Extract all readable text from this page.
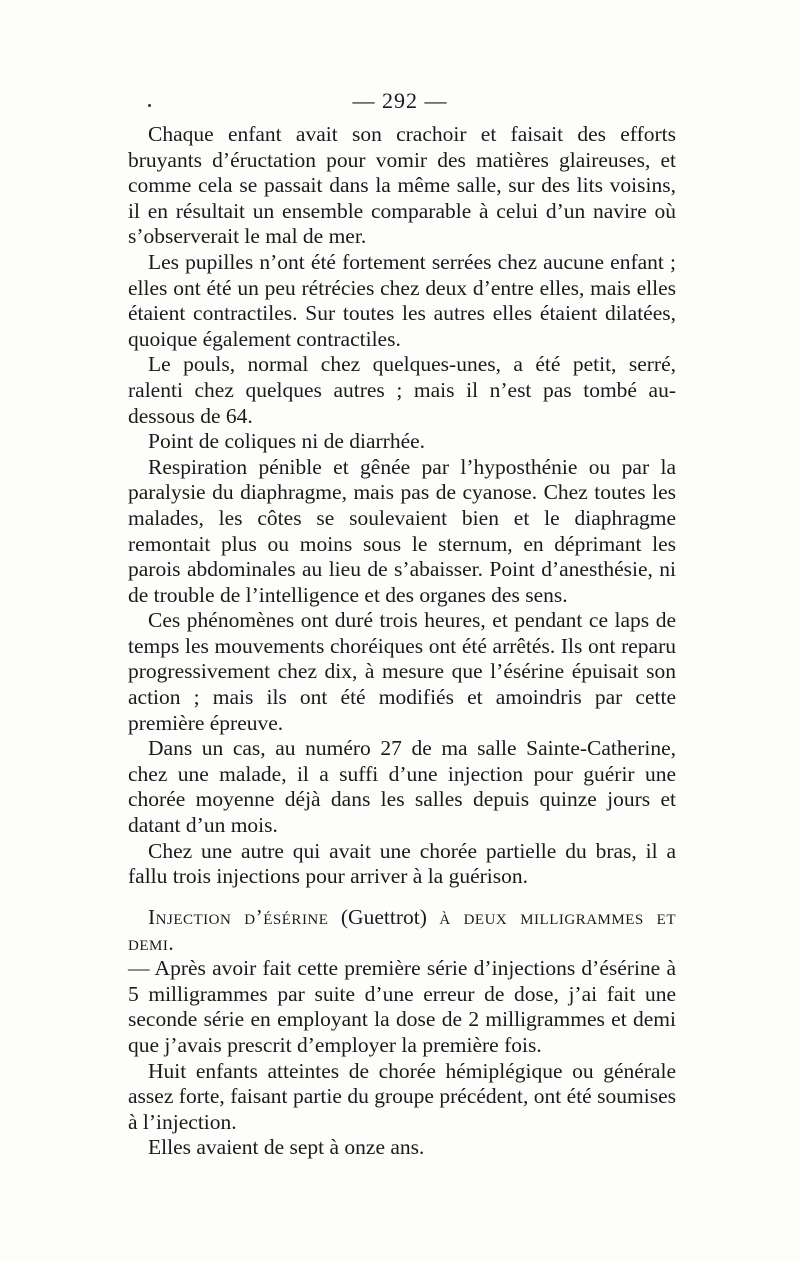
— 292 —

Chaque enfant avait son crachoir et faisait des efforts bruyants d’éructation pour vomir des matières glaireuses, et comme cela se passait dans la même salle, sur des lits voisins, il en résultait un ensemble comparable à celui d’un navire où s’observerait le mal de mer.

Les pupilles n’ont été fortement serrées chez aucune enfant ; elles ont été un peu rétrécies chez deux d’entre elles, mais elles étaient contractiles. Sur toutes les autres elles étaient dilatées, quoique également contractiles.

Le pouls, normal chez quelques-unes, a été petit, serré, ralenti chez quelques autres ; mais il n’est pas tombé au-dessous de 64.

Point de coliques ni de diarrhée.

Respiration pénible et gênée par l’hyposthénie ou par la paralysie du diaphragme, mais pas de cyanose. Chez toutes les malades, les côtes se soulevaient bien et le diaphragme remontait plus ou moins sous le sternum, en déprimant les parois abdominales au lieu de s’abaisser. Point d’anesthésie, ni de trouble de l’intelligence et des organes des sens.

Ces phénomènes ont duré trois heures, et pendant ce laps de temps les mouvements choréiques ont été arrêtés. Ils ont reparu progressivement chez dix, à mesure que l’ésérine épuisait son action ; mais ils ont été modifiés et amoindris par cette première épreuve.

Dans un cas, au numéro 27 de ma salle Sainte-Catherine, chez une malade, il a suffi d’une injection pour guérir une chorée moyenne déjà dans les salles depuis quinze jours et datant d’un mois.

Chez une autre qui avait une chorée partielle du bras, il a fallu trois injections pour arriver à la guérison.

Injection d’ésérine (Guettrot) à deux milligrammes et demi.

— Après avoir fait cette première série d’injections d’ésérine à 5 milligrammes par suite d’une erreur de dose, j’ai fait une seconde série en employant la dose de 2 milligrammes et demi que j’avais prescrit d’employer la première fois.

Huit enfants atteintes de chorée hémiplégique ou générale assez forte, faisant partie du groupe précédent, ont été soumises à l’injection.

Elles avaient de sept à onze ans.
